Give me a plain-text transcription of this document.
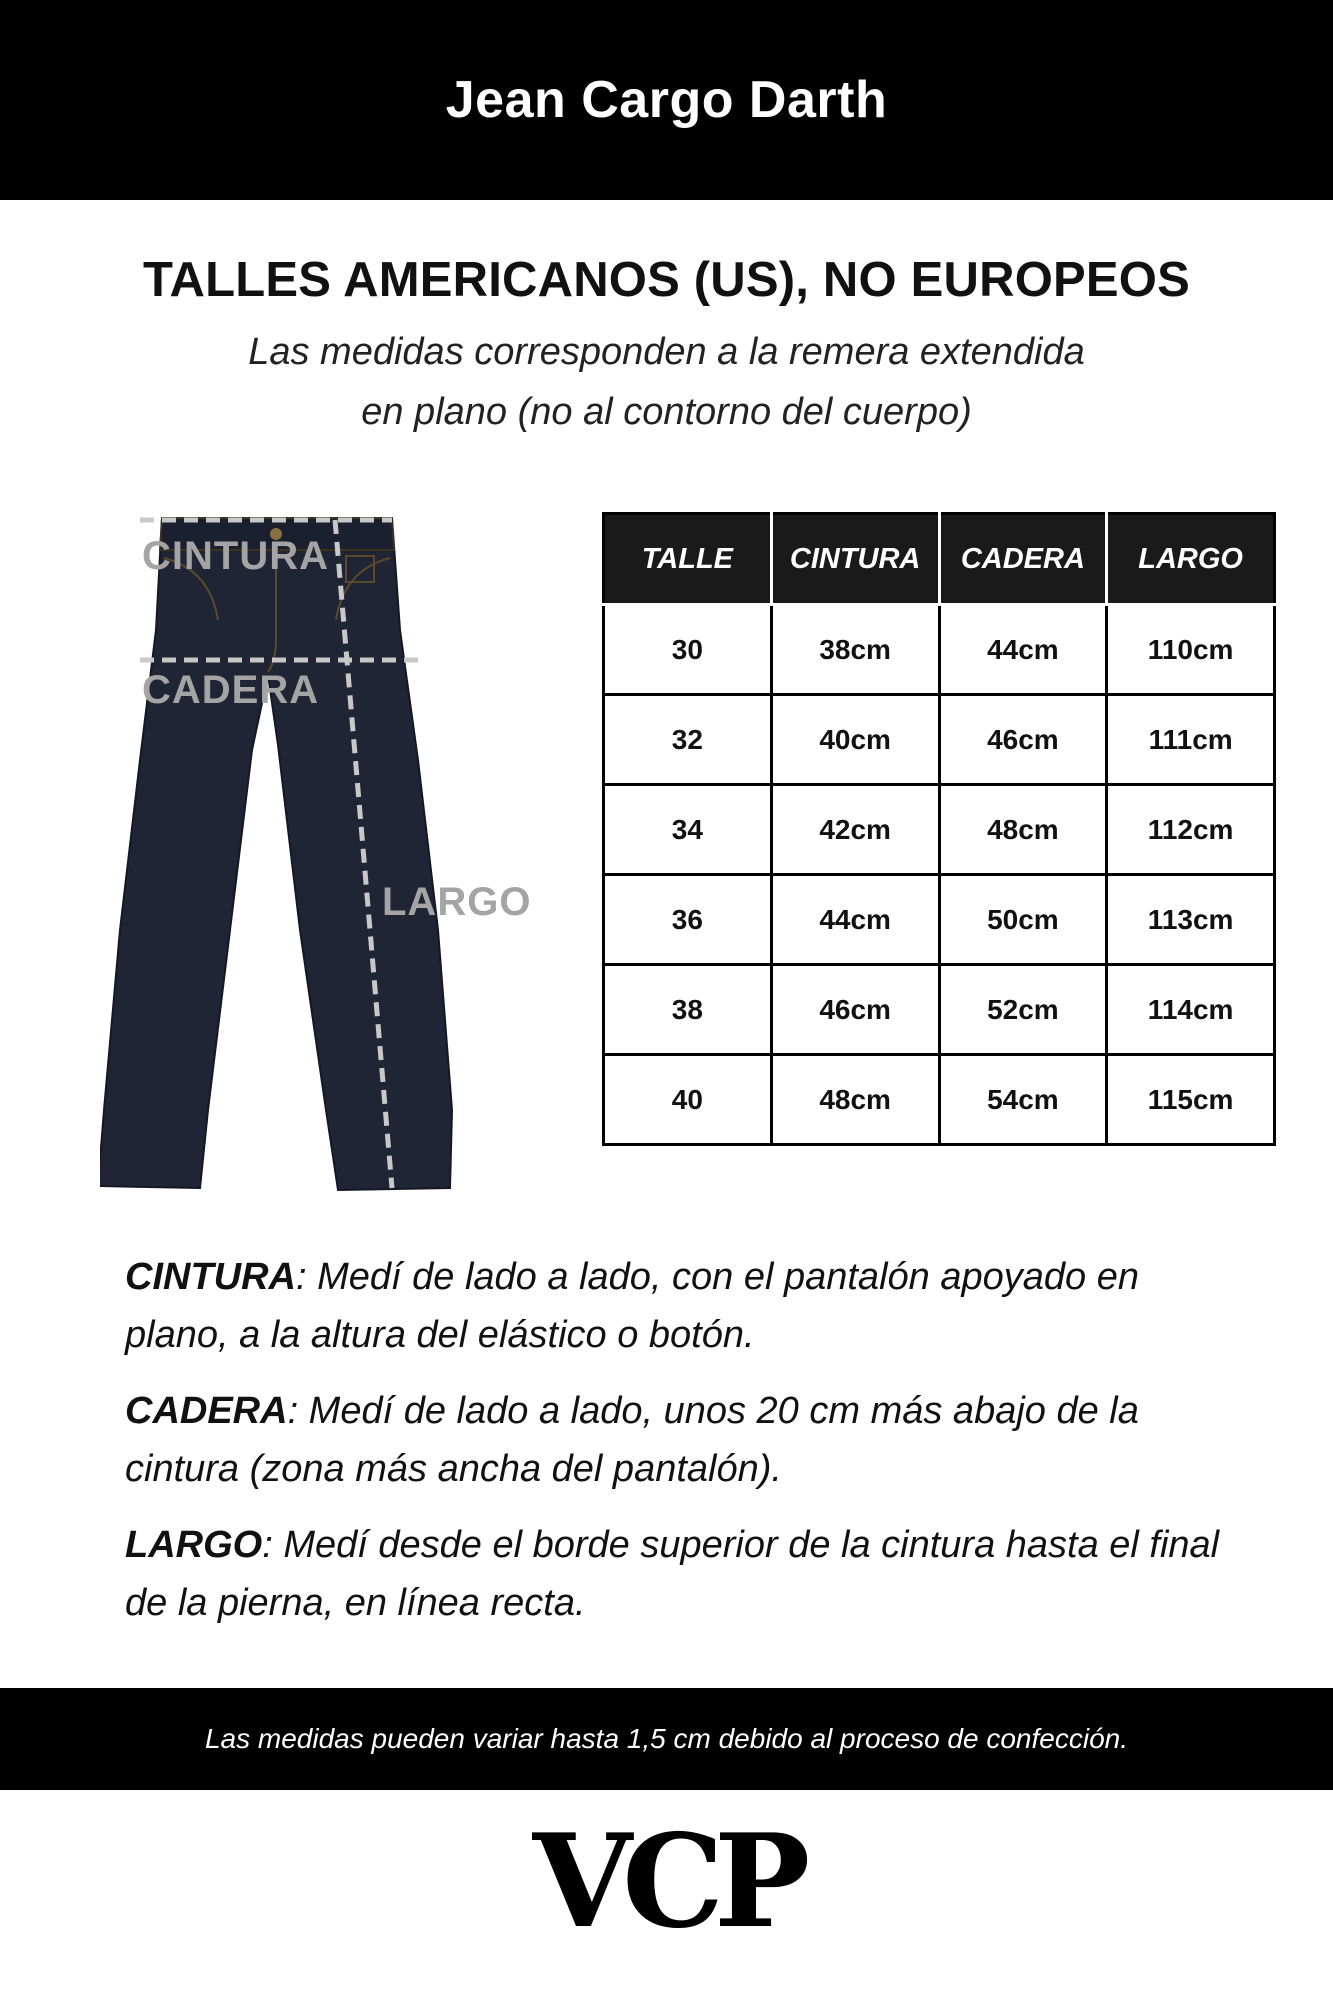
Jean Cargo Darth
TALLES AMERICANOS (US), NO EUROPEOS
Las medidas corresponden a la remera extendida
en plano (no al contorno del cuerpo)
CINTURA
CADERA
LARGO
TALLE	CINTURA	CADERA	LARGO
30	38cm	44cm	110cm
32	40cm	46cm	111cm
34	42cm	48cm	112cm
36	44cm	50cm	113cm
38	46cm	52cm	114cm
40	48cm	54cm	115cm

CINTURA: Medí de lado a lado, con el pantalón apoyado en plano, a la altura del elástico o botón.

CADERA: Medí de lado a lado, unos 20 cm más abajo de la cintura (zona más ancha del pantalón).

LARGO: Medí desde el borde superior de la cintura hasta el final de la pierna, en línea recta.

Las medidas pueden variar hasta 1,5 cm debido al proceso de confección.

VCP
